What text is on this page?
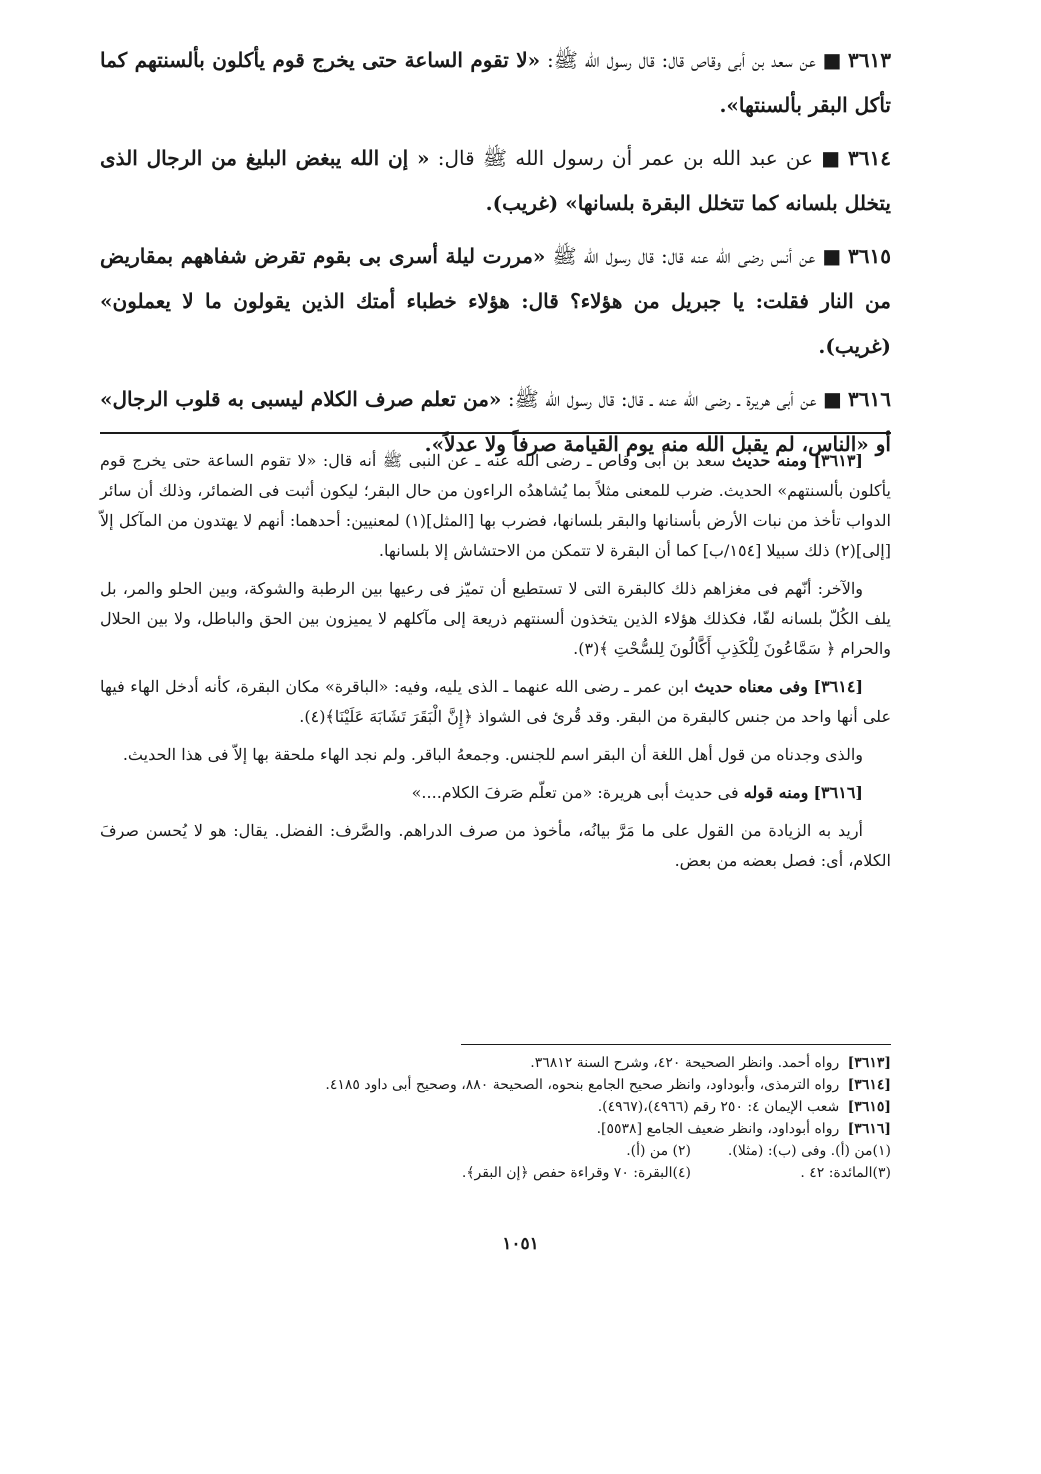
٣٦١٣■ عن سعد بن أبى وقاص قال: قال رسول الله ﷺ: «لا تقوم الساعة حتى يخرج قوم يأكلون بألسنتهم كما تأكل البقر بألسنتها».

٣٦١٤■ عن عبد الله بن عمر أن رسول الله ﷺ قال: « إن الله يبغض البليغ من الرجال الذى يتخلل بلسانه كما تتخلل البقرة بلسانها» (غريب).

٣٦١٥■ عن أنس رضى الله عنه قال: قال رسول الله ﷺ «مررت ليلة أسرى بى بقوم تقرض شفاههم بمقاريض من النار فقلت: يا جبريل من هؤلاء؟ قال: هؤلاء خطباء أمتك الذين يقولون ما لا يعملون» (غريب).

٣٦١٦■ عن أبى هريرة ـ رضى الله عنه ـ قال: قال رسول الله ﷺ: «من تعلم صرف الكلام ليسبى به قلوب الرجال» أو «الناس، لم يقبل الله منه يوم القيامة صرفاً ولا عدلاً».

[٣٦١٣] ومنه حديث سعد بن أبى وقاص ـ رضى الله عنه ـ عن النبى ﷺ أنه قال: «لا تقوم الساعة حتى يخرج قوم يأكلون بألسنتهم» الحديث. ضرب للمعنى مثلاً بما يُشاهدُه الراءون من حال البقر؛ ليكون أثبت فى الضمائر، وذلك أن سائر الدواب تأخذ من نبات الأرض بأسنانها والبقر بلسانها، فضرب بها [المثل](١) لمعنيين: أحدهما: أنهم لا يهتدون من المآكل إلاّ [إلى](٢) ذلك سبيلا [١٥٤/ب] كما أن البقرة لا تتمكن من الاحتشاش إلا بلسانها.

والآخر: أنّهم فى مغزاهم ذلك كالبقرة التى لا تستطيع أن تميّز فى رعيها بين الرطبة والشوكة، وبين الحلو والمر، بل يلف الكُلّ بلسانه لفّا، فكذلك هؤلاء الذين يتخذون ألسنتهم ذريعة إلى مآكلهم لا يميزون بين الحق والباطل، ولا بين الحلال والحرام ﴿ سَمَّاعُونَ لِلْكَذِبِ أَكَّالُونَ لِلسُّحْتِ ﴾(٣).

[٣٦١٤] وفى معناه حديث ابن عمر ـ رضى الله عنهما ـ الذى يليه، وفيه: «الباقرة» مكان البقرة، كأنه أدخل الهاء فيها على أنها واحد من جنس كالبقرة من البقر. وقد قُرئ فى الشواذ ﴿إِنَّ الْبَقَرَ تَشَابَهَ عَلَيْنَا﴾(٤).

والذى وجدناه من قول أهل اللغة أن البقر اسم للجنس. وجمعهُ الباقر. ولم نجد الهاء ملحقة بها إلاّ فى هذا الحديث.

[٣٦١٦] ومنه قوله فى حديث أبى هريرة: «من تعلّم صَرفَ الكلام....»

أريد به الزيادة من القول على ما مَرَّ بيانُه، مأخوذ من صرف الدراهم. والصَّرف: الفضل. يقال: هو لا يُحسن صرفَ الكلام، أى: فصل بعضه من بعض.

[٣٦١٣] رواه أحمد. وانظر الصحيحة ٤٢٠، وشرح السنة ٣٦٨١٢.

[٣٦١٤] رواه الترمذى، وأبوداود، وانظر صحيح الجامع بنحوه، الصحيحة ٨٨٠، وصحيح أبى داود ٤١٨٥.

[٣٦١٥] شعب الإيمان ٤: ٢٥٠ رقم (٤٩٦٦)،(٤٩٦٧).

[٣٦١٦] رواه أبوداود، وانظر ضعيف الجامع [٥٥٣٨].

(١)من (أ). وفى (ب): (مثلا).
(٢) من (أ).
(٣)المائدة: ٤٢ .
(٤)البقرة: ٧٠ وقراءة حفص ﴿إن البقر﴾.
١٠٥١
